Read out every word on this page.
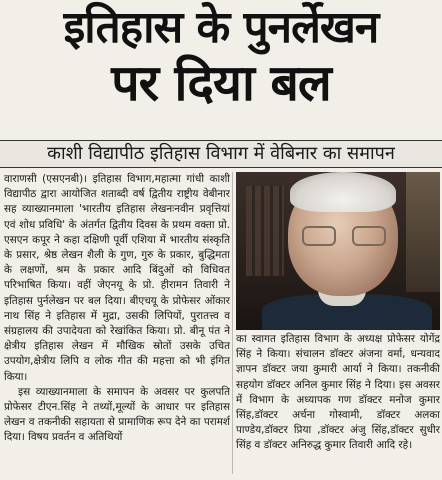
इतिहास के पुनर्लेखन
पर दिया बल
काशी विद्यापीठ इतिहास विभाग में वेबिनार का समापन

वाराणसी (एसएनबी)। इतिहास विभाग,महात्मा गांधी काशी विद्यापीठ द्वारा आयोजित शताब्दी वर्ष द्वितीय राष्ट्रीय वेबीनार सह व्याख्यानमाला 'भारतीय इतिहास लेखनःनवीन प्रवृत्तियां एवं शोध प्रविधि' के अंतर्गत द्वितीय दिवस के प्रथम वक्ता प्रो. एसएन कपूर ने कहा दक्षिणी पूर्वी एशिया में भारतीय संस्कृति के प्रसार, श्रेष्ठ लेखन शैली के गुण, गुरु के प्रकार, बुद्धिमता के लक्षणों, श्रम के प्रकार आदि बिंदुओं को विधिवत परिभाषित किया। वहीं जेएनयू के प्रो. हीरामन तिवारी ने इतिहास पुर्नलेखन पर बल दिया। बीएचयू के प्रोफेसर ओंकार नाथ सिंह ने इतिहास में मुद्रा, उसकी लिपियों, पुरातत्त्व व संग्रहालय की उपादेयता को रेखांकित किया। प्रो. बीनू पंत ने क्षेत्रीय इतिहास लेखन में मौखिक स्रोतों उसके उचित उपयोग,क्षेत्रीय लिपि व लोक गीत की महत्ता को भी इंगित किया।

इस व्याख्यानमाला के समापन के अवसर पर कुलपति प्रोफेसर टीएन.सिंह ने तथ्यों,मूल्यों के आधार पर इतिहास लेखन व तकनीकी सहायता से प्रामाणिक रूप देने का परामर्श दिया। विषय प्रवर्तन व अतिथियों

का स्वागत इतिहास विभाग के अध्यक्ष प्रोफेसर योगेंद्र सिंह ने किया। संचालन डॉक्टर अंजना वर्मा, धन्यवाद ज्ञापन डॉक्टर जया कुमारी आर्या ने किया। तकनीकी सहयोग डॉक्टर अनिल कुमार सिंह ने दिया। इस अवसर में विभाग के अध्यापक गण डॉक्टर मनोज कुमार सिंह,डॉक्टर अर्चना गोस्वामी, डॉक्टर अलका पाण्डेय,डॉक्टर प्रिया ,डॉक्टर अंजु सिंह,डॉक्टर सुधीर सिंह व डॉक्टर अनिरुद्ध कुमार तिवारी आदि रहे।
